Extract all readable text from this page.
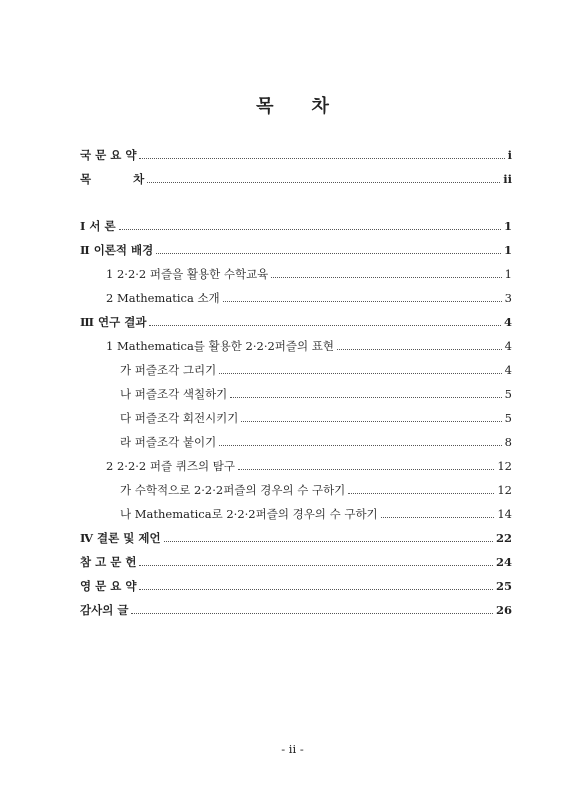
목 차
국 문 요 약	i
목 차	ii
Ⅰ 서 론	1
Ⅱ 이론적 배경	1
1 2·2·2 퍼즐을 활용한 수학교육	1
2 Mathematica 소개	3
Ⅲ 연구 결과	4
1 Mathematica를 활용한 2·2·2퍼즐의 표현	4
가 퍼즐조각 그리기	4
나 퍼즐조각 색칠하기	5
다 퍼즐조각 회전시키기	5
라 퍼즐조각 붙이기	8
2 2·2·2 퍼즐 퀴즈의 탐구	12
가 수학적으로 2·2·2퍼즐의 경우의 수 구하기	12
나 Mathematica로 2·2·2퍼즐의 경우의 수 구하기	14
Ⅳ 결론 및 제언	22
참 고 문 헌	24
영 문 요 약	25
감사의 글	26
- ii -
